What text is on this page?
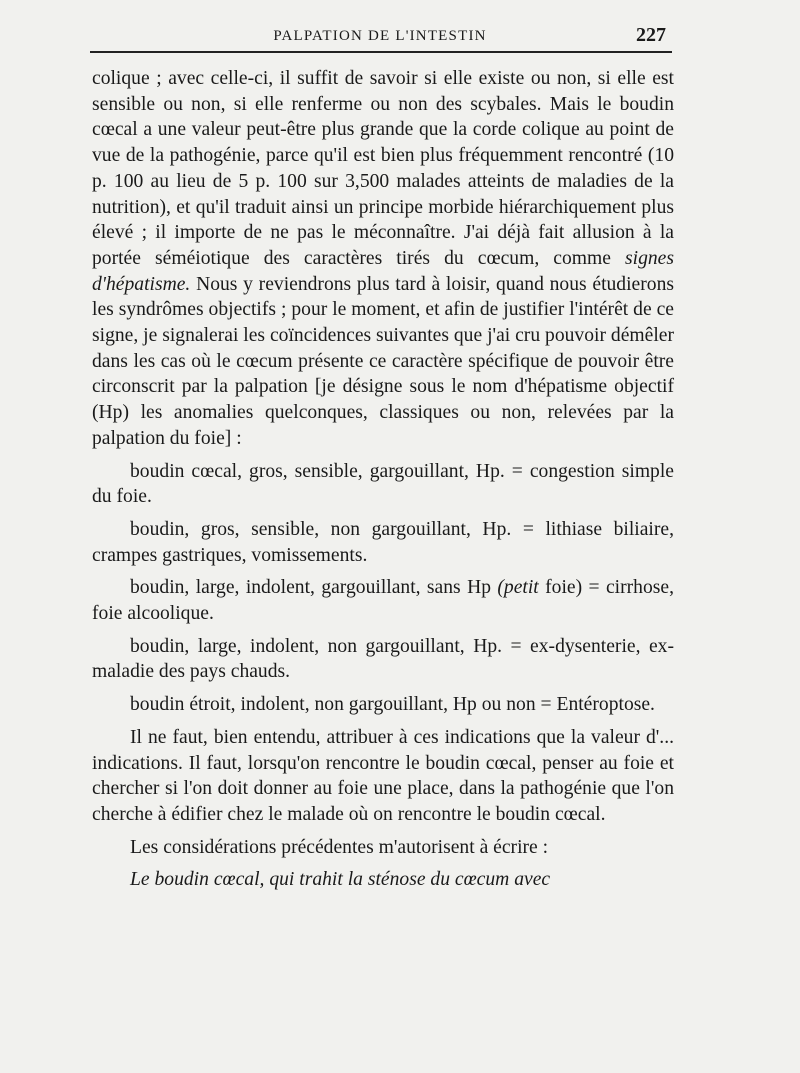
PALPATION DE L'INTESTIN	227

colique ; avec celle-ci, il suffit de savoir si elle existe ou non, si elle est sensible ou non, si elle renferme ou non des scybales. Mais le boudin cœcal a une valeur peut-être plus grande que la corde colique au point de vue de la pathogénie, parce qu'il est bien plus fréquemment rencontré (10 p. 100 au lieu de 5 p. 100 sur 3,500 malades atteints de maladies de la nutrition), et qu'il traduit ainsi un principe morbide hiérarchiquement plus élevé ; il importe de ne pas le méconnaître. J'ai déjà fait allusion à la portée séméiotique des caractères tirés du cœcum, comme signes d'hépatisme. Nous y reviendrons plus tard à loisir, quand nous étudierons les syndrômes objectifs ; pour le moment, et afin de justifier l'intérêt de ce signe, je signalerai les coïncidences suivantes que j'ai cru pouvoir démêler dans les cas où le cœcum présente ce caractère spécifique de pouvoir être circonscrit par la palpation [je désigne sous le nom d'hépatisme objectif (Hp) les anomalies quelconques, classiques ou non, relevées par la palpation du foie] :

boudin cœcal, gros, sensible, gargouillant, Hp. = congestion simple du foie.

boudin, gros, sensible, non gargouillant, Hp. = lithiase biliaire, crampes gastriques, vomissements.

boudin, large, indolent, gargouillant, sans Hp (petit foie) = cirrhose, foie alcoolique.

boudin, large, indolent, non gargouillant, Hp. = ex-dysenterie, ex-maladie des pays chauds.

boudin étroit, indolent, non gargouillant, Hp ou non = Entéroptose.

Il ne faut, bien entendu, attribuer à ces indications que la valeur d'... indications. Il faut, lorsqu'on rencontre le boudin cœcal, penser au foie et chercher si l'on doit donner au foie une place, dans la pathogénie que l'on cherche à édifier chez le malade où on rencontre le boudin cœcal.

Les considérations précédentes m'autorisent à écrire :

Le boudin cœcal, qui trahit la sténose du cœcum avec
